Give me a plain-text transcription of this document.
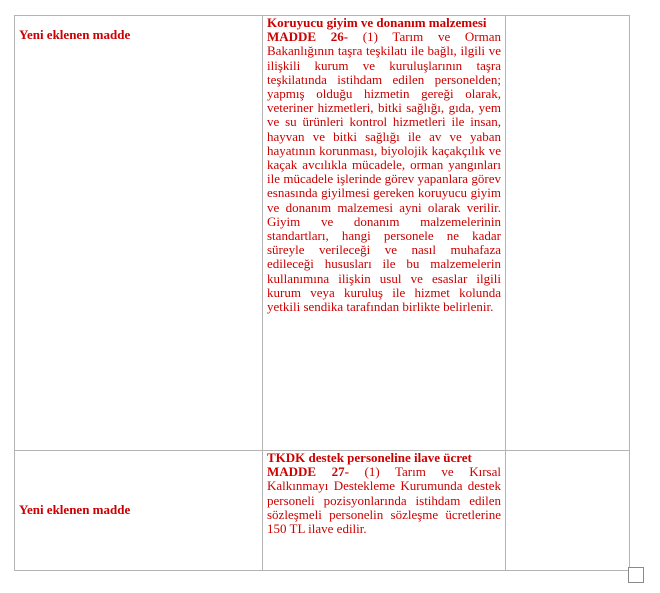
Yeni eklenen madde	Koruyucu giyim ve donanım malzemesi
MADDE 26- (1) Tarım ve Orman Bakanlığının taşra teşkilatı ile bağlı, ilgili ve ilişkili kurum ve kuruluşlarının taşra teşkilatında istihdam edilen personelden; yapmış olduğu hizmetin gereği olarak, veteriner hizmetleri, bitki sağlığı, gıda, yem ve su ürünleri kontrol hizmetleri ile insan, hayvan ve bitki sağlığı ile av ve yaban hayatının korunması, biyolojik kaçakçılık ve kaçak avcılıkla mücadele, orman yangınları ile mücadele işlerinde görev yapanlara görev esnasında giyilmesi gereken koruyucu giyim ve donanım malzemesi ayni olarak verilir. Giyim ve donanım malzemelerinin standartları, hangi personele ne kadar süreyle verileceği ve nasıl muhafaza edileceği hususları ile bu malzemelerin kullanımına ilişkin usul ve esaslar ilgili kurum veya kuruluş ile hizmet kolunda yetkili sendika tarafından birlikte belirlenir.	

Yeni eklenen madde	TKDK destek personeline ilave ücret
MADDE 27- (1) Tarım ve Kırsal Kalkınmayı Destekleme Kurumunda destek personeli pozisyonlarında istihdam edilen sözleşmeli personelin sözleşme ücretlerine 150 TL ilave edilir.	
